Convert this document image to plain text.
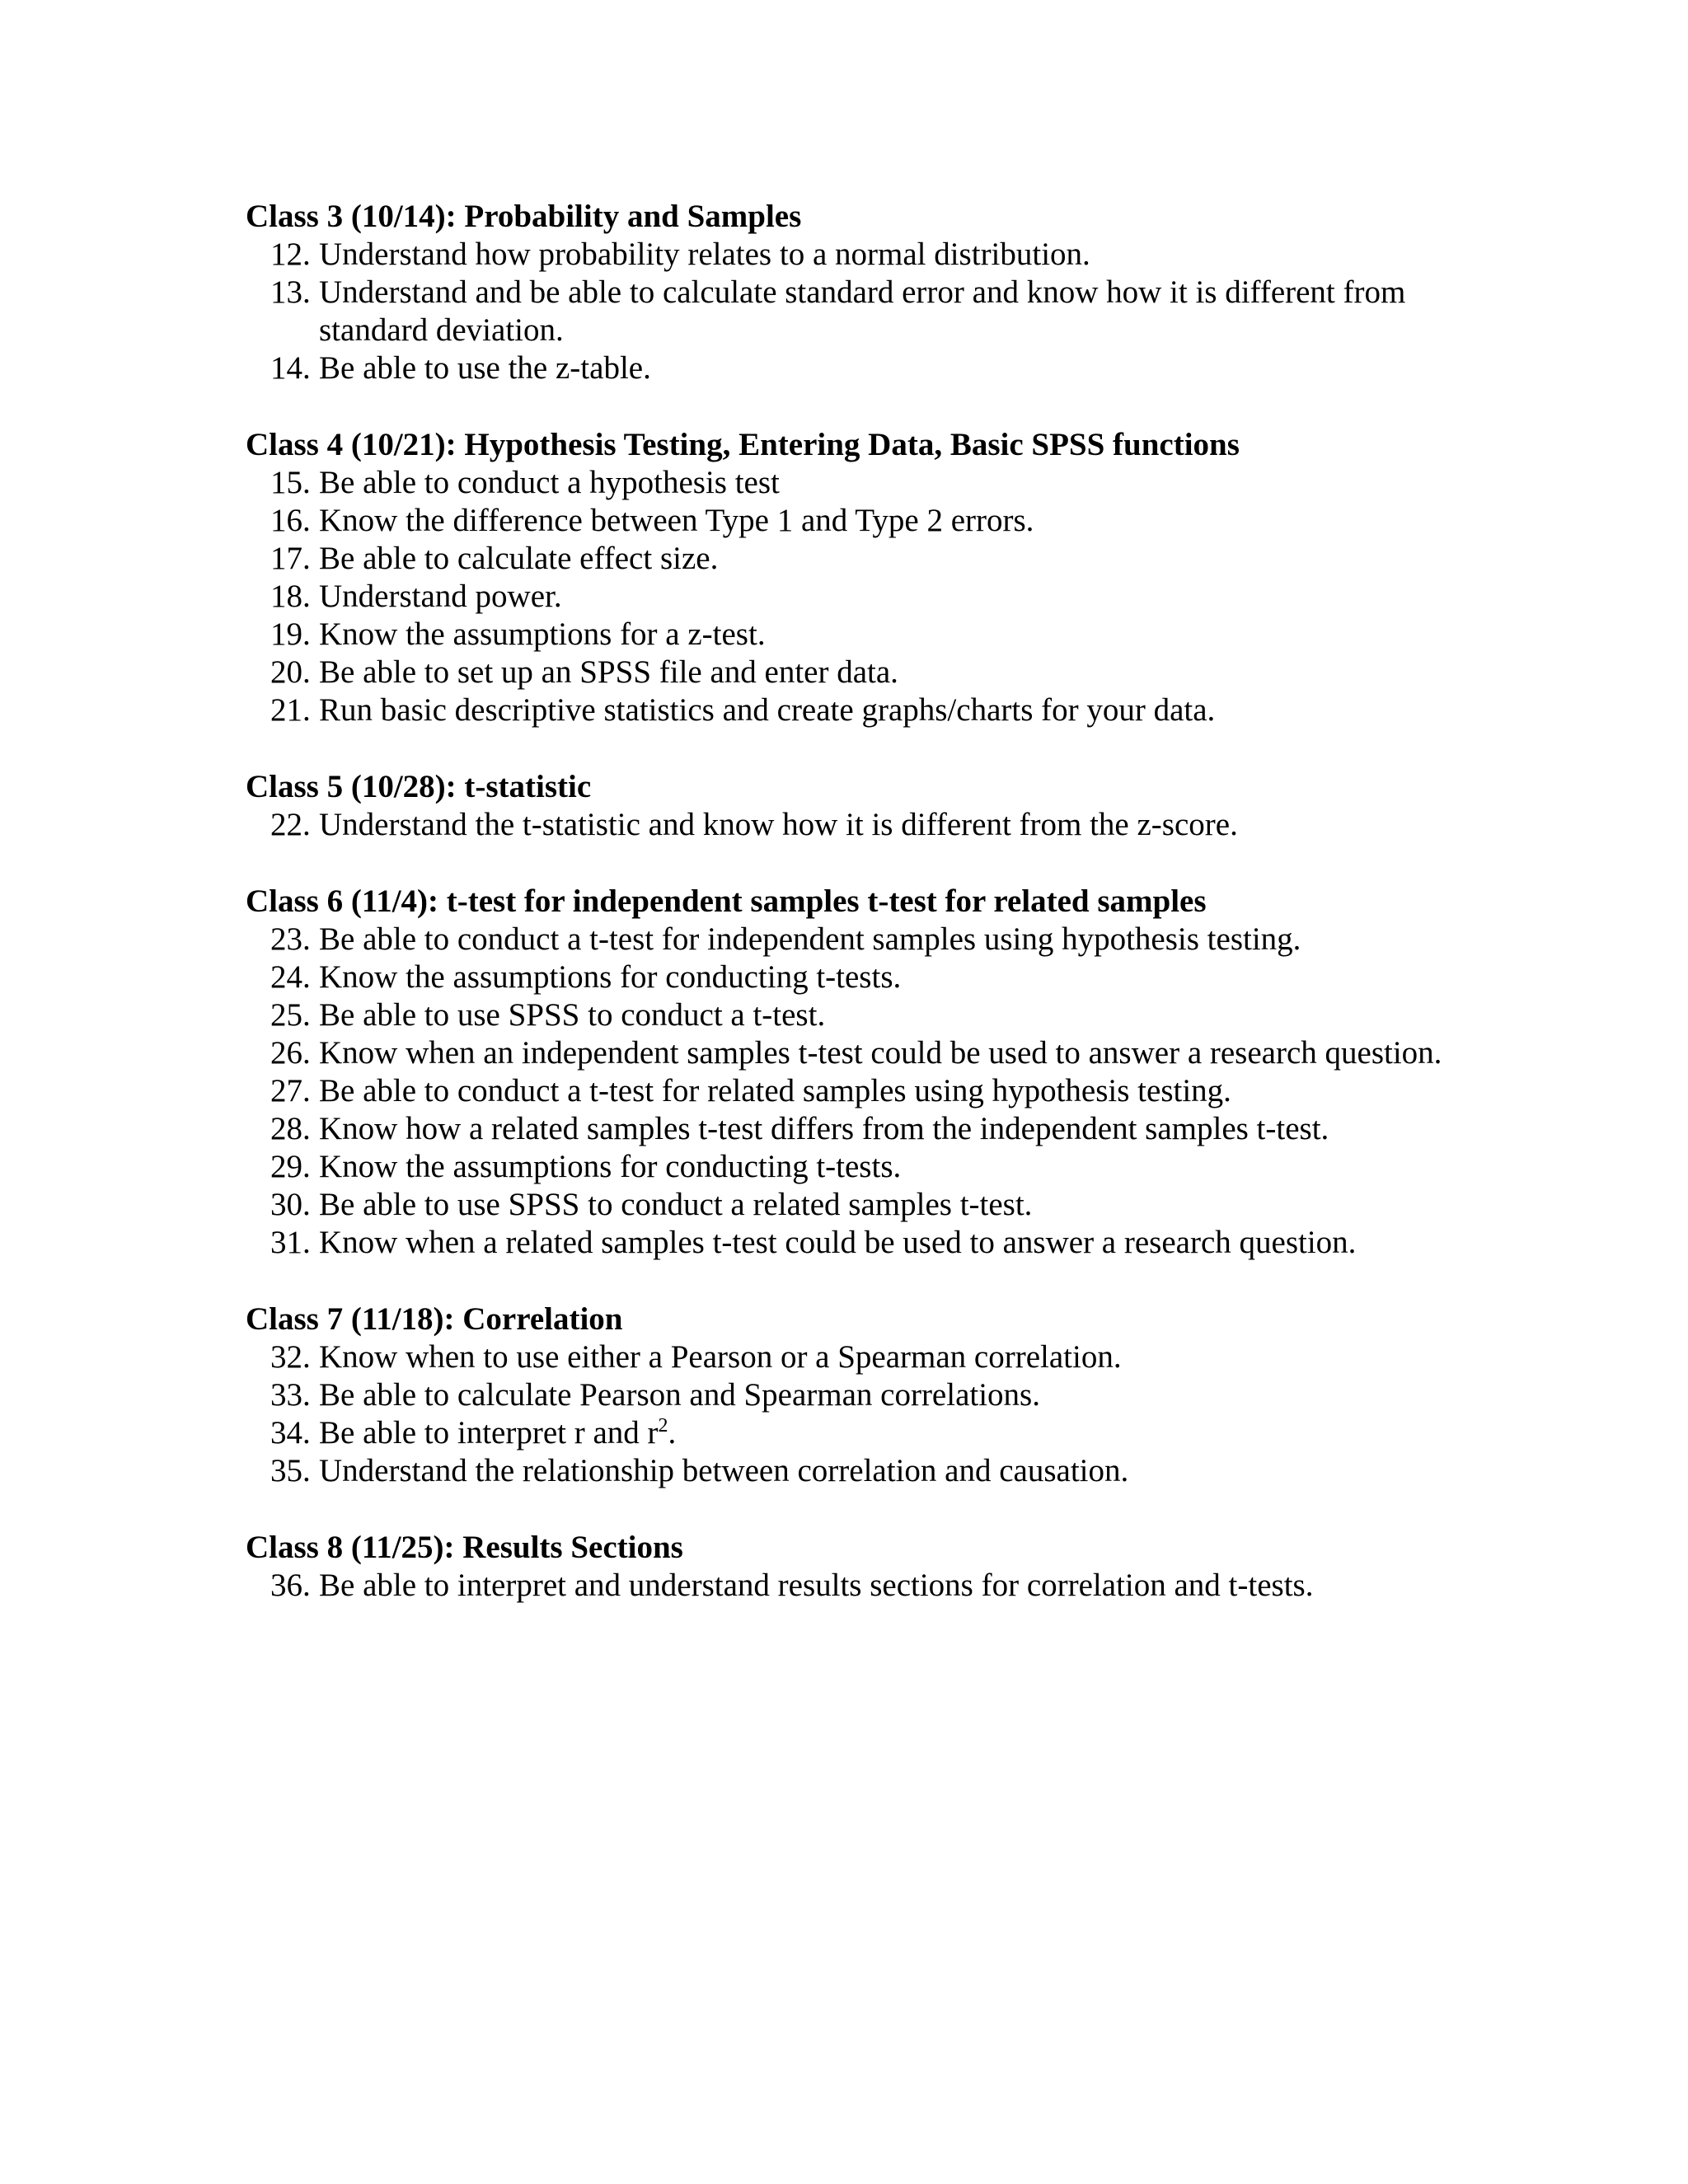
Class 3 (10/14): Probability and Samples
12. Understand how probability relates to a normal distribution.
13. Understand and be able to calculate standard error and know how it is different from standard deviation.
14. Be able to use the z-table.
Class 4 (10/21): Hypothesis Testing, Entering Data, Basic SPSS functions
15. Be able to conduct a hypothesis test
16. Know the difference between Type 1 and Type 2 errors.
17. Be able to calculate effect size.
18. Understand power.
19. Know the assumptions for a z-test.
20. Be able to set up an SPSS file and enter data.
21. Run basic descriptive statistics and create graphs/charts for your data.
Class 5 (10/28): t-statistic
22. Understand the t-statistic and know how it is different from the z-score.
Class 6 (11/4): t-test for independent samples t-test for related samples
23. Be able to conduct a t-test for independent samples using hypothesis testing.
24. Know the assumptions for conducting t-tests.
25. Be able to use SPSS to conduct a t-test.
26. Know when an independent samples t-test could be used to answer a research question.
27. Be able to conduct a t-test for related samples using hypothesis testing.
28. Know how a related samples t-test differs from the independent samples t-test.
29. Know the assumptions for conducting t-tests.
30. Be able to use SPSS to conduct a related samples t-test.
31. Know when a related samples t-test could be used to answer a research question.
Class 7 (11/18): Correlation
32. Know when to use either a Pearson or a Spearman correlation.
33. Be able to calculate Pearson and Spearman correlations.
34. Be able to interpret r and $r^2$.
35. Understand the relationship between correlation and causation.
Class 8 (11/25): Results Sections
36. Be able to interpret and understand results sections for correlation and t-tests.
